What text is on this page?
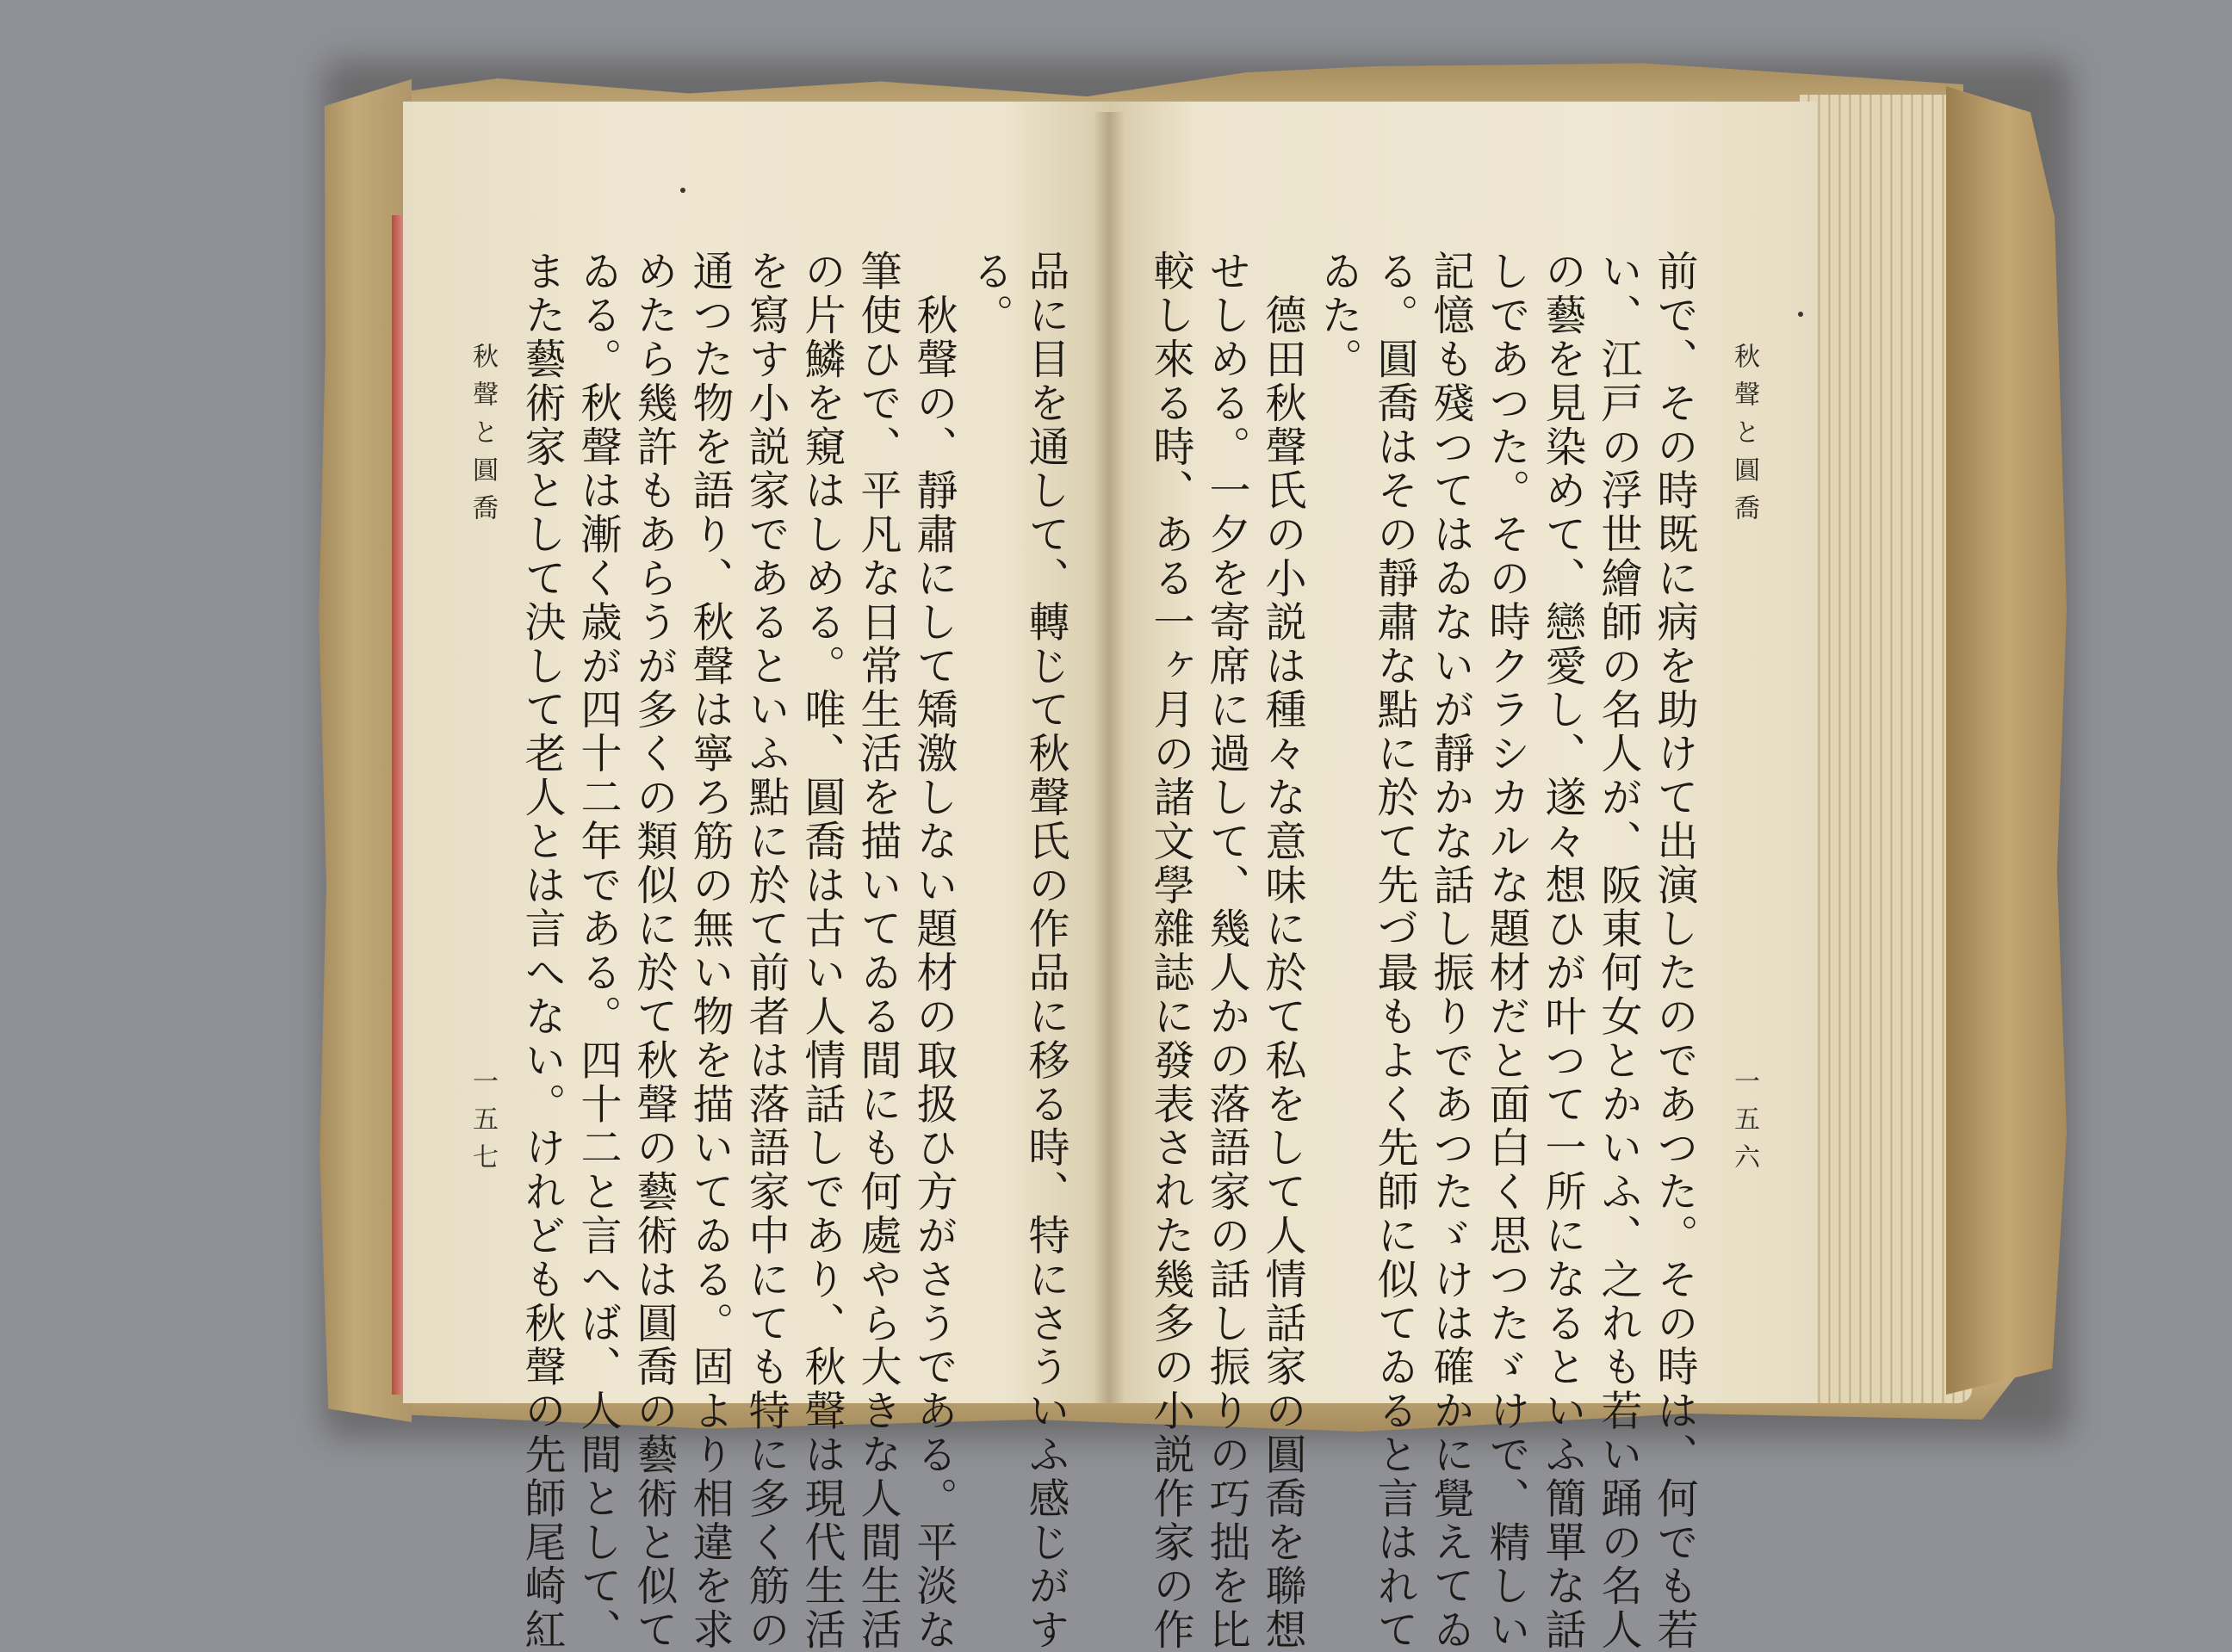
秋聲と圓喬
一五六
前で、その時既に病を助けて出演したのであつた。その時は、何でも若
い、江戸の浮世繪師の名人が、阪東何女とかいふ、之れも若い踊の名人
の藝を見染めて、戀愛し、遂々想ひが叶つて一所になるといふ簡單な話
しであつた。その時クラシカルな題材だと面白く思つたゞけで、精しい
記憶も殘つてはゐないが靜かな話し振りであつたゞけは確かに覺えてゐ
る。圓喬はその靜肅な點に於て先づ最もよく先師に似てゐると言はれて
ゐた。
　德田秋聲氏の小説は種々な意味に於て私をして人情話家の圓喬を聯想
せしめる。一夕を寄席に過して、幾人かの落語家の話し振りの巧拙を比
較し來る時、ある一ヶ月の諸文學雜誌に發表された幾多の小説作家の作
品に目を通して、轉じて秋聲氏の作品に移る時、特にさういふ感じがす
る。
　秋聲の、靜肅にして矯激しない題材の取扱ひ方がさうである。平淡な
筆使ひで、平凡な日常生活を描いてゐる間にも何處やら大きな人間生活
の片鱗を窺はしめる。唯、圓喬は古い人情話しであり、秋聲は現代生活
を寫す小説家であるといふ點に於て前者は落語家中にても特に多く筋の
通つた物を語り、秋聲は寧ろ筋の無い物を描いてゐる。固より相違を求
めたら幾許もあらうが多くの類似に於て秋聲の藝術は圓喬の藝術と似て
ゐる。秋聲は漸く歳が四十二年である。四十二と言へば、人間として、
また藝術家として決して老人とは言へない。けれども秋聲の先師尾崎紅
秋聲と圓喬
一五七
